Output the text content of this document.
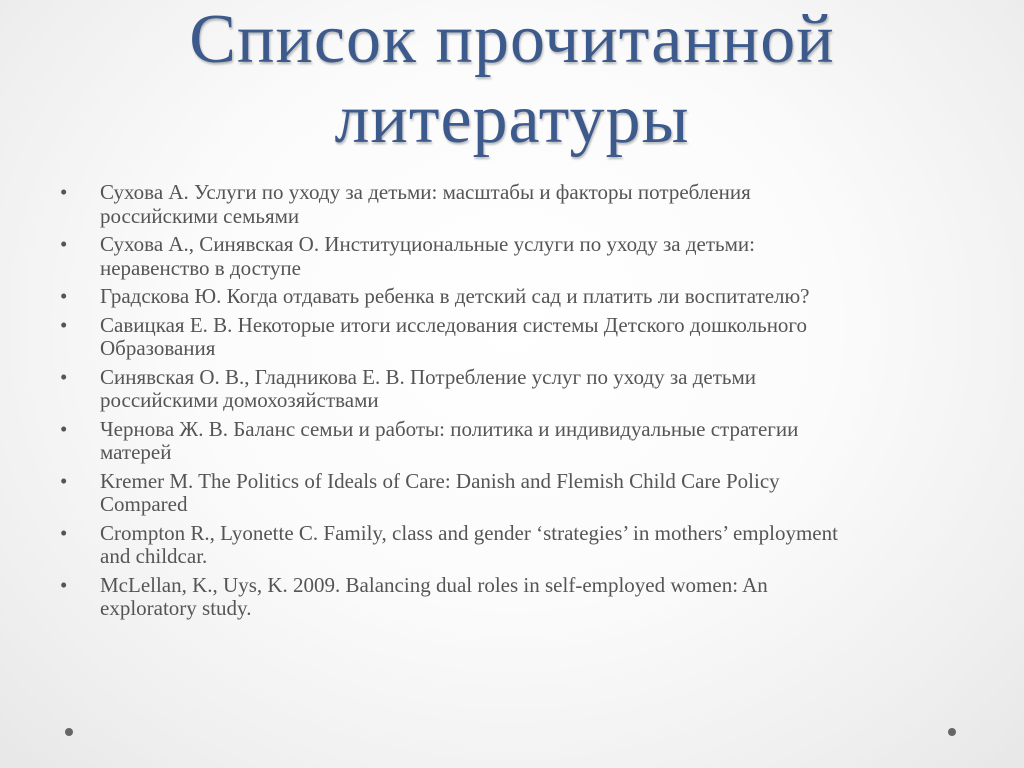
Список прочитанной
литературы
• Сухова А. Услуги по уходу за детьми: масштабы и факторы потребления
российскими семьями
• Сухова А., Синявская О. Институциональные услуги по уходу за детьми:
неравенство в доступе
• Градскова Ю. Когда отдавать ребенка в детский сад и платить ли воспитателю?
• Савицкая Е. В. Некоторые итоги исследования системы Детского дошкольного
Образования
• Синявская О. В., Гладникова Е. В. Потребление услуг по уходу за детьми
российскими домохозяйствами
• Чернова Ж. В. Баланс семьи и работы: политика и индивидуальные стратегии
матерей
• Kremer M. The Politics of Ideals of Care: Danish and Flemish Child Care Policy
Compared
• Crompton R., Lyonette C. Family, class and gender ‘strategies’ in mothers’ employment
and childcar.
• McLellan, K., Uys, K. 2009. Balancing dual roles in self-employed women: An
exploratory study.
